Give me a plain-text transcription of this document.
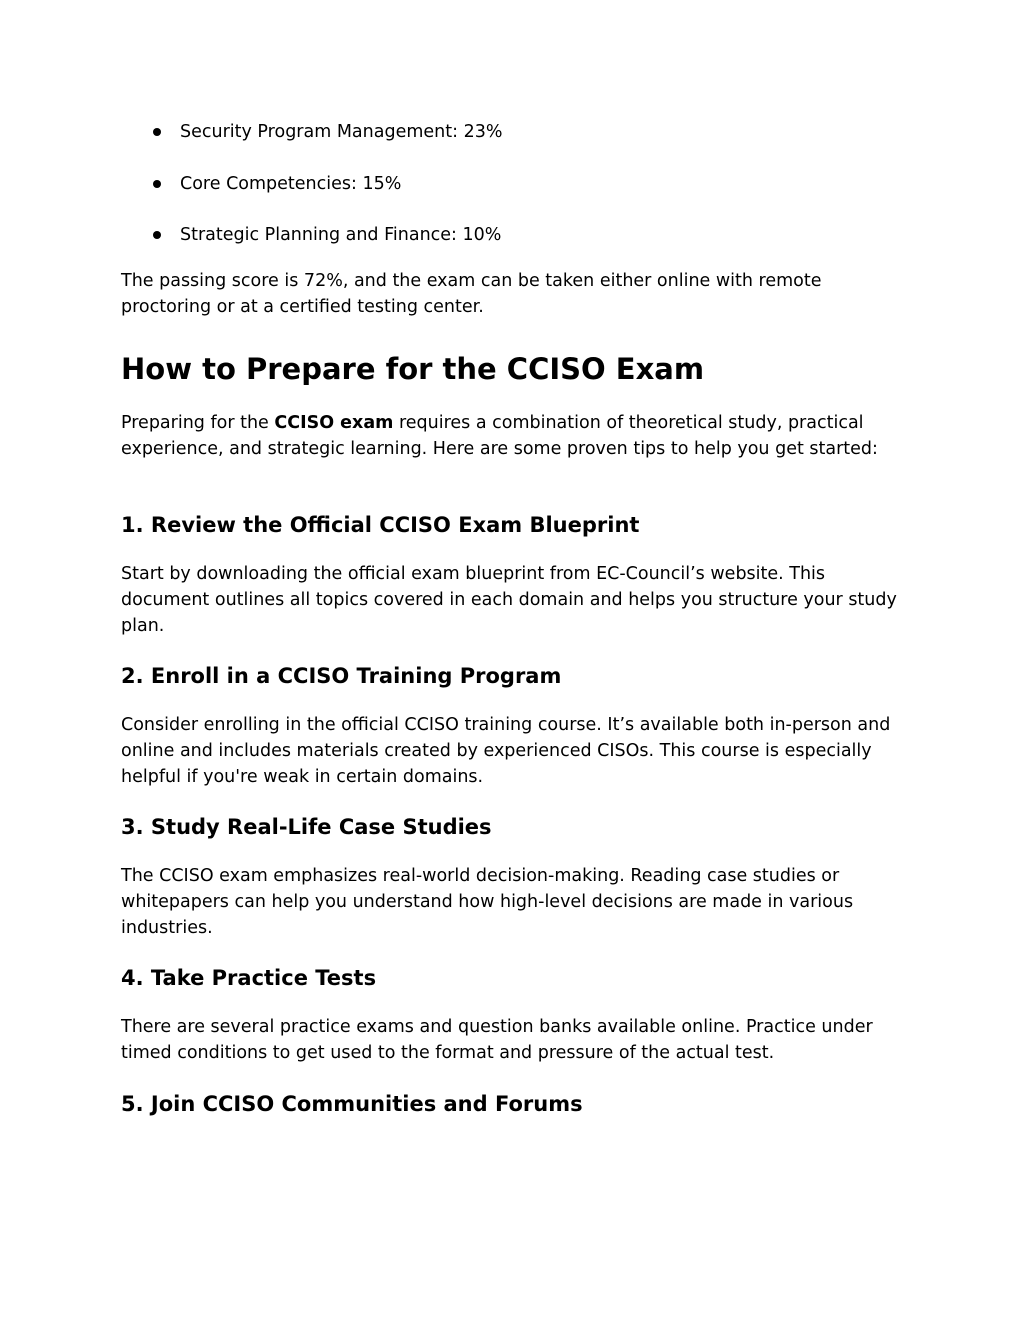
Security Program Management: 23%
Core Competencies: 15%
Strategic Planning and Finance: 10%

The passing score is 72%, and the exam can be taken either online with remote proctoring or at a certified testing center.

How to Prepare for the CCISO Exam

Preparing for the CCISO exam requires a combination of theoretical study, practical experience, and strategic learning. Here are some proven tips to help you get started:

1. Review the Official CCISO Exam Blueprint

Start by downloading the official exam blueprint from EC-Council’s website. This document outlines all topics covered in each domain and helps you structure your study plan.

2. Enroll in a CCISO Training Program

Consider enrolling in the official CCISO training course. It’s available both in-person and online and includes materials created by experienced CISOs. This course is especially helpful if you're weak in certain domains.

3. Study Real-Life Case Studies

The CCISO exam emphasizes real-world decision-making. Reading case studies or whitepapers can help you understand how high-level decisions are made in various industries.

4. Take Practice Tests

There are several practice exams and question banks available online. Practice under timed conditions to get used to the format and pressure of the actual test.

5. Join CCISO Communities and Forums
